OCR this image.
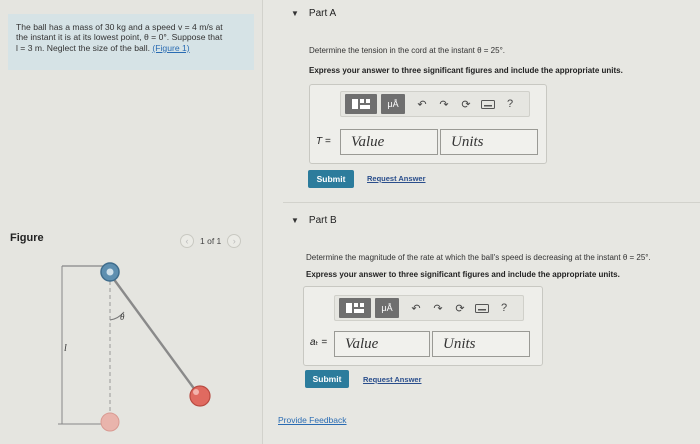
The ball has a mass of 30 kg and a speed v = 4 m/s at
the instant it is at its lowest point, θ = 0°. Suppose that
l = 3 m. Neglect the size of the ball. (Figure 1)
Figure	‹	1 of 1	›
θ
l
▼ Part A
Determine the tension in the cord at the instant θ = 25°.
Express your answer to three significant figures and include the appropriate units.
μÅ	↶	↷	⟳	?
T =	Value	Units
Submit	Request Answer
▼ Part B
Determine the magnitude of the rate at which the ball's speed is decreasing at the instant θ = 25°.
Express your answer to three significant figures and include the appropriate units.
μÅ	↶	↷	⟳	?
aₜ =	Value	Units
Submit	Request Answer
Provide Feedback
